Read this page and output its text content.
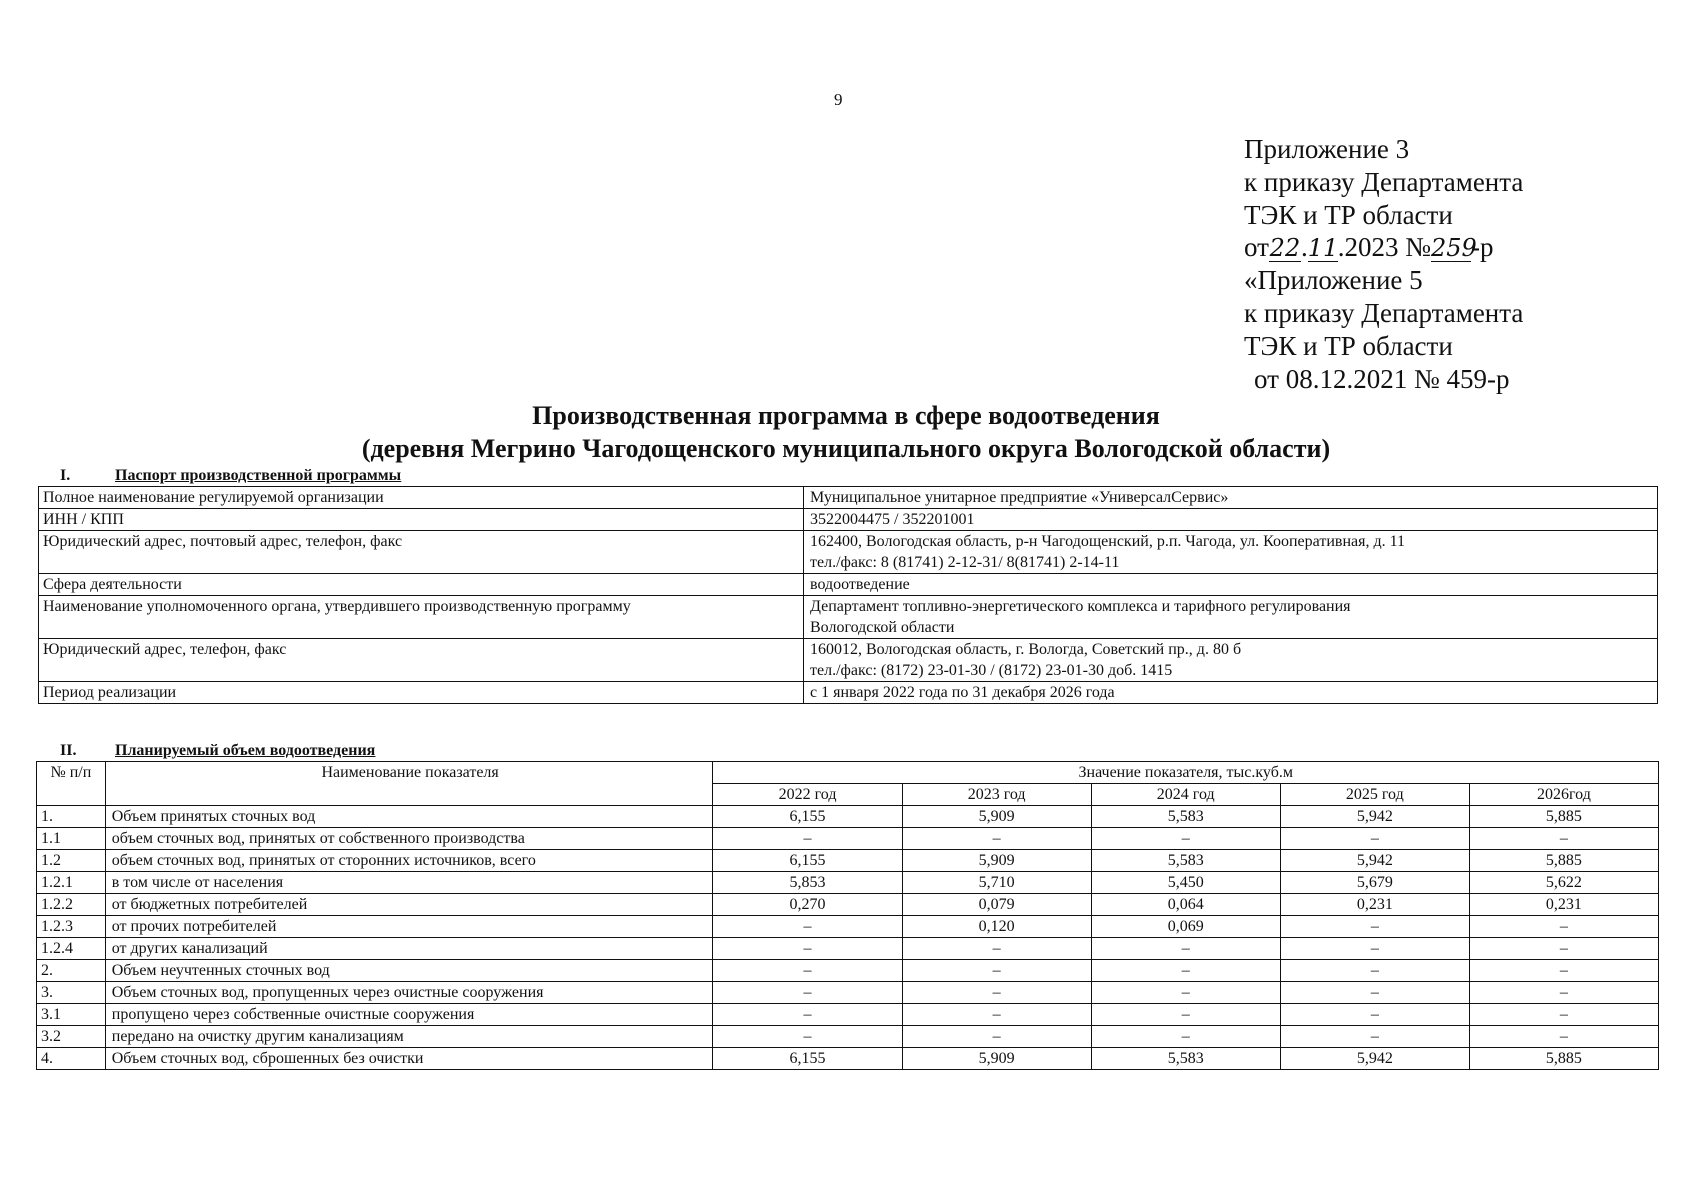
9
Приложение 3
к приказу Департамента
ТЭК и ТР области
от22.11.2023 №259-р
«Приложение 5
к приказу Департамента
ТЭК и ТР области
от 08.12.2021 № 459-р
Производственная программа в сфере водоотведения
(деревня Мегрино Чагодощенского муниципального округа Вологодской области)
I.	Паспорт производственной программы
Полное наименование регулируемой организации	Муниципальное унитарное предприятие «УниверсалСервис»

ИНН / КПП	3522004475 / 352201001

Юридический адрес, почтовый адрес, телефон, факс	162400, Вологодская область, р-н Чагодощенский, р.п. Чагода, ул. Кооперативная, д. 11
тел./факс: 8 (81741) 2-12-31/ 8(81741) 2-14-11

Сфера деятельности	водоотведение

Наименование уполномоченного органа, утвердившего производственную программу	Департамент топливно-энергетического комплекса и тарифного регулирования
Вологодской области

Юридический адрес, телефон, факс	160012, Вологодская область, г. Вологда, Советский пр., д. 80 б
тел./факс: (8172) 23-01-30 / (8172) 23-01-30 доб. 1415

Период реализации	с 1 января 2022 года по 31 декабря 2026 года
II. Планируемый объем водоотведения
№ п/п	Наименование показателя	Значение показателя, тыс.куб.м				
		2022 год	2023 год	2024 год	2025 год	2026год
1.	Объем принятых сточных вод	6,155	5,909	5,583	5,942	5,885
1.1	объем сточных вод, принятых от собственного производства	–	–	–	–	–
1.2	объем сточных вод, принятых от сторонних источников, всего	6,155	5,909	5,583	5,942	5,885
1.2.1	в том числе от населения	5,853	5,710	5,450	5,679	5,622
1.2.2	от бюджетных потребителей	0,270	0,079	0,064	0,231	0,231
1.2.3	от прочих потребителей	–	0,120	0,069	–	–
1.2.4	от других канализаций	–	–	–	–	–
2.	Объем неучтенных сточных вод	–	–	–	–	–
3.	Объем сточных вод, пропущенных через очистные сооружения	–	–	–	–	–
3.1	пропущено через собственные очистные сооружения	–	–	–	–	–
3.2	передано на очистку другим канализациям	–	–	–	–	–
4.	Объем сточных вод, сброшенных без очистки	6,155	5,909	5,583	5,942	5,885
